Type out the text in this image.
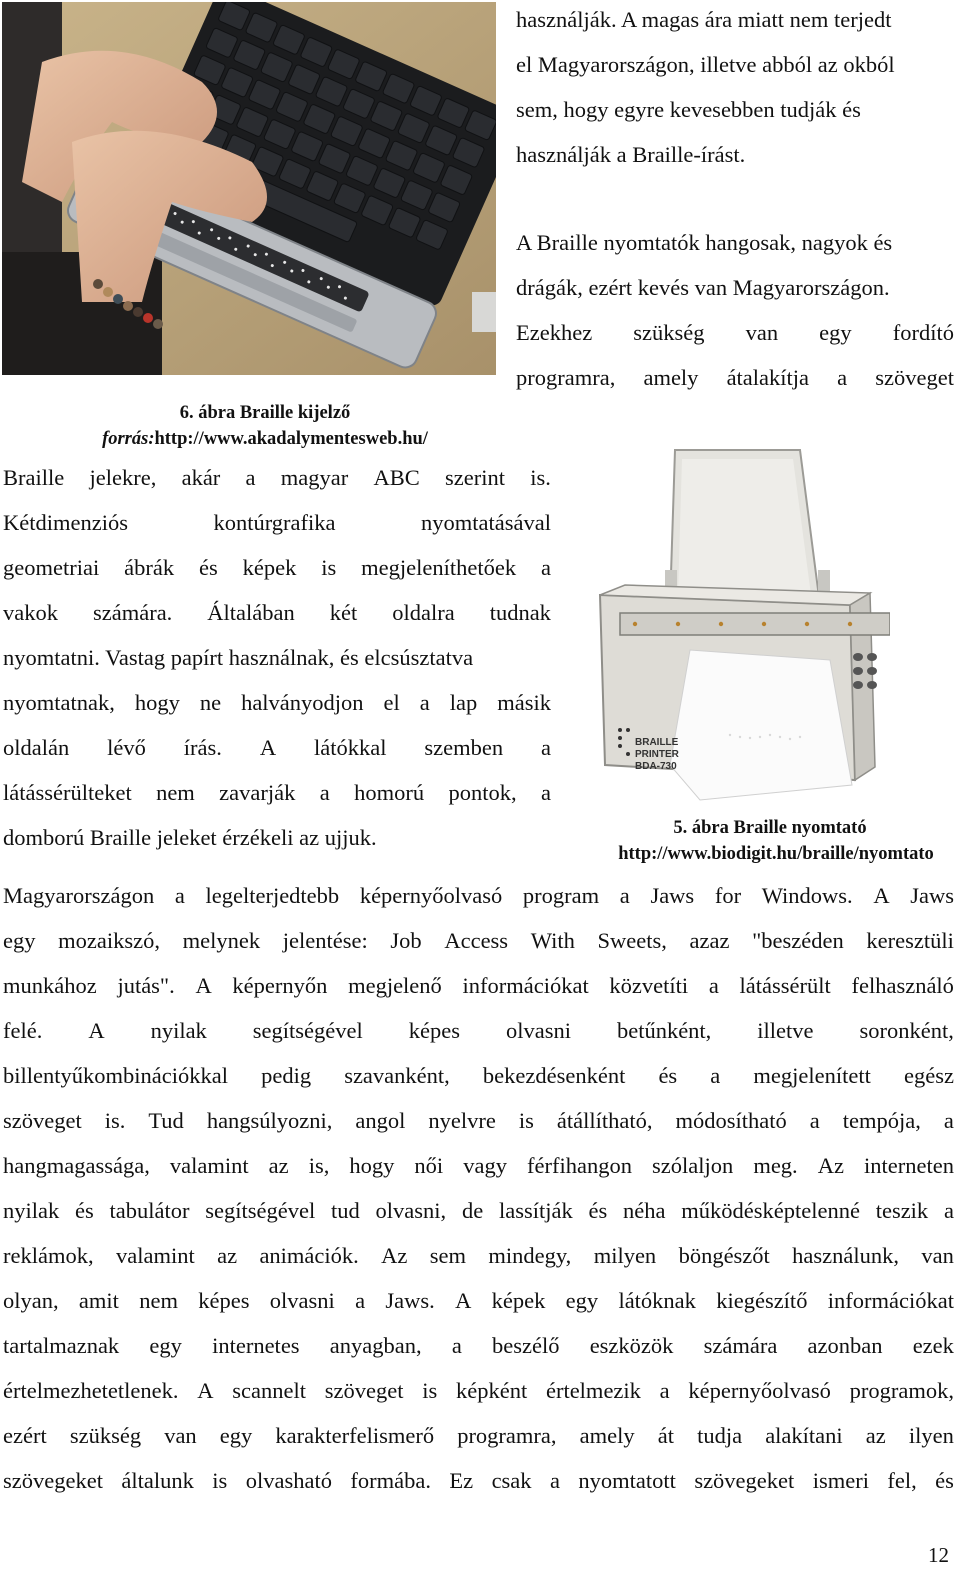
6. ábra Braille kijelző
forrás:http://www.akadalymentesweb.hu/
használják. A magas ára miatt nem terjedt
el Magyarországon, illetve abból az okból
sem, hogy egyre kevesebben tudják és
használják a Braille-írást.
A Braille nyomtatók hangosak, nagyok és
drágák, ezért kevés van Magyarországon.
Ezekhez szükség van egy fordító
programra, amely átalakítja a szöveget
Braille jelekre, akár a magyar ABC szerint is.
Kétdimenziós	kontúrgrafika	nyomtatásával
geometriai ábrák és képek is megjeleníthetőek a
vakok számára. Általában két oldalra tudnak
nyomtatni. Vastag papírt használnak, és elcsúsztatva
nyomtatnak, hogy ne halványodjon el a lap másik
oldalán lévő írás. A látókkal szemben a
látássérülteket nem zavarják a homorú pontok, a
domború Braille jeleket érzékeli az ujjuk.
BRAILLE
PRINTER
BDA-730
5. ábra Braille nyomtató
http://www.biodigit.hu/braille/nyomtato
Magyarországon a legelterjedtebb képernyőolvasó program a Jaws for Windows. A Jaws
egy mozaikszó, melynek jelentése: Job Access With Sweets, azaz "beszéden keresztüli
munkához jutás". A képernyőn megjelenő információkat közvetíti a látássérült felhasználó
felé. A nyilak segítségével képes olvasni betűnként, illetve soronként,
billentyűkombinációkkal pedig szavanként, bekezdésenként és a megjelenített egész
szöveget is. Tud hangsúlyozni, angol nyelvre is átállítható, módosítható a tempója, a
hangmagassága, valamint az is, hogy női vagy férfihangon szólaljon meg. Az interneten
nyilak és tabulátor segítségével tud olvasni, de lassítják és néha működésképtelenné teszik a
reklámok, valamint az animációk. Az sem mindegy, milyen böngészőt használunk, van
olyan, amit nem képes olvasni a Jaws. A képek egy látóknak kiegészítő információkat
tartalmaznak egy internetes anyagban, a beszélő eszközök számára azonban ezek
értelmezhetetlenek. A scannelt szöveget is képként értelmezik a képernyőolvasó programok,
ezért szükség van egy karakterfelismerő programra, amely át tudja alakítani az ilyen
szövegeket általunk is olvasható formába. Ez csak a nyomtatott szövegeket ismeri fel, és
12
